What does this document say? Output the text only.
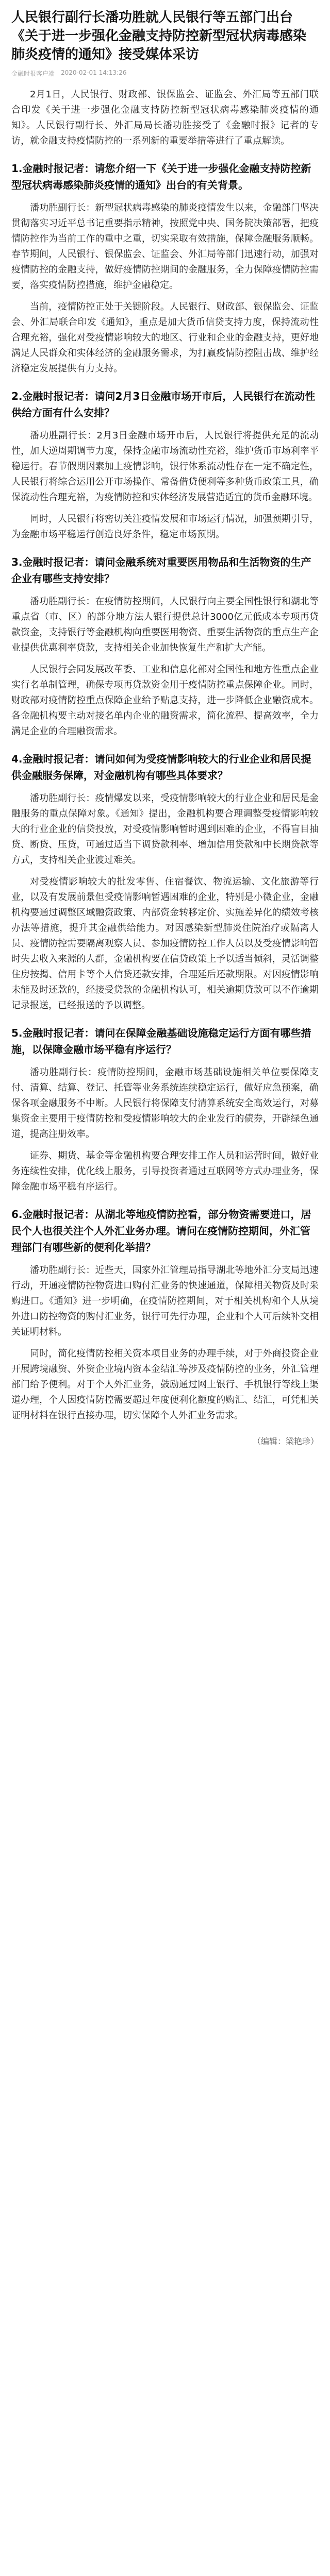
人民银行副行长潘功胜就人民银行等五部门出台《关于进一步强化金融支持防控新型冠状病毒感染肺炎疫情的通知》接受媒体采访
金融时报客户端 2020-02-01 14:13:26

2月1日，人民银行、财政部、银保监会、证监会、外汇局等五部门联合印发《关于进一步强化金融支持防控新型冠状病毒感染肺炎疫情的通知》。人民银行副行长、外汇局局长潘功胜接受了《金融时报》记者的专访，就金融支持疫情防控的一系列新的重要举措等进行了重点解读。

1.金融时报记者：请您介绍一下《关于进一步强化金融支持防控新型冠状病毒感染肺炎疫情的通知》出台的有关背景。

潘功胜副行长：新型冠状病毒感染的肺炎疫情发生以来，金融部门坚决贯彻落实习近平总书记重要指示精神，按照党中央、国务院决策部署，把疫情防控作为当前工作的重中之重，切实采取有效措施，保障金融服务顺畅。春节期间，人民银行、银保监会、证监会、外汇局等部门迅速行动，加强对疫情防控的金融支持，做好疫情防控期间的金融服务，全力保障疫情防控需要，落实疫情防控措施，维护金融稳定。

当前，疫情防控正处于关键阶段。人民银行、财政部、银保监会、证监会、外汇局联合印发《通知》，重点是加大货币信贷支持力度，保持流动性合理充裕，强化对受疫情影响较大的地区、行业和企业的金融支持，更好地满足人民群众和实体经济的金融服务需求，为打赢疫情防控阻击战、维护经济稳定发展提供有力支持。

2.金融时报记者：请问2月3日金融市场开市后，人民银行在流动性供给方面有什么安排？

潘功胜副行长：2月3日金融市场开市后，人民银行将提供充足的流动性，加大逆周期调节力度，保持金融市场流动性充裕，维护货币市场利率平稳运行。春节假期因素加上疫情影响，银行体系流动性存在一定不确定性，人民银行将综合运用公开市场操作、常备借贷便利等多种货币政策工具，确保流动性合理充裕，为疫情防控和实体经济发展营造适宜的货币金融环境。

同时，人民银行将密切关注疫情发展和市场运行情况，加强预期引导，为金融市场平稳运行创造良好条件，稳定市场预期。

3.金融时报记者：请问金融系统对重要医用物品和生活物资的生产企业有哪些支持安排？

潘功胜副行长：在疫情防控期间，人民银行向主要全国性银行和湖北等重点省（市、区）的部分地方法人银行提供总计3000亿元低成本专项再贷款资金，支持银行等金融机构向重要医用物资、重要生活物资的重点生产企业提供优惠利率贷款，支持相关企业加快恢复生产和扩大产能。

人民银行会同发展改革委、工业和信息化部对全国性和地方性重点企业实行名单制管理，确保专项再贷款资金用于疫情防控重点保障企业。同时，财政部对疫情防控重点保障企业给予贴息支持，进一步降低企业融资成本。各金融机构要主动对接名单内企业的融资需求，简化流程、提高效率，全力满足企业的合理融资需求。

4.金融时报记者：请问如何为受疫情影响较大的行业企业和居民提供金融服务保障，对金融机构有哪些具体要求？

潘功胜副行长：疫情爆发以来，受疫情影响较大的行业企业和居民是金融服务的重点保障对象。《通知》提出，金融机构要合理调整受疫情影响较大的行业企业的信贷投放，对受疫情影响暂时遇到困难的企业，不得盲目抽贷、断贷、压贷，可通过适当下调贷款利率、增加信用贷款和中长期贷款等方式，支持相关企业渡过难关。

对受疫情影响较大的批发零售、住宿餐饮、物流运输、文化旅游等行业，以及有发展前景但受疫情影响暂遇困难的企业，特别是小微企业，金融机构要通过调整区域融资政策、内部资金转移定价、实施差异化的绩效考核办法等措施，提升其金融供给能力。对因感染新型肺炎住院治疗或隔离人员、疫情防控需要隔离观察人员、参加疫情防控工作人员以及受疫情影响暂时失去收入来源的人群，金融机构要在信贷政策上予以适当倾斜，灵活调整住房按揭、信用卡等个人信贷还款安排，合理延后还款期限。对因疫情影响未能及时还款的，经接受贷款的金融机构认可，相关逾期贷款可以不作逾期记录报送，已经报送的予以调整。

5.金融时报记者：请问在保障金融基础设施稳定运行方面有哪些措施，以保障金融市场平稳有序运行？

潘功胜副行长：疫情防控期间，金融市场基础设施相关单位要保障支付、清算、结算、登记、托管等业务系统连续稳定运行，做好应急预案，确保各项金融服务不中断。人民银行将保障支付清算系统安全高效运行，对募集资金主要用于疫情防控和受疫情影响较大的企业发行的债券，开辟绿色通道，提高注册效率。

证券、期货、基金等金融机构要合理安排工作人员和运营时间，做好业务连续性安排，优化线上服务，引导投资者通过互联网等方式办理业务，保障金融市场平稳有序运行。

6.金融时报记者：从湖北等地疫情防控看，部分物资需要进口，居民个人也很关注个人外汇业务办理。请问在疫情防控期间，外汇管理部门有哪些新的便利化举措？

潘功胜副行长：近些天，国家外汇管理局指导湖北等地外汇分支局迅速行动，开通疫情防控物资进口购付汇业务的快速通道，保障相关物资及时采购进口。《通知》进一步明确，在疫情防控期间，对于相关机构和个人从境外进口防控物资的购付汇业务，银行可先行办理，企业和个人可后续补交相关证明材料。

同时，简化疫情防控相关资本项目业务的办理手续，对于外商投资企业开展跨境融资、外资企业境内资本金结汇等涉及疫情防控的业务，外汇管理部门给予便利。对于个人外汇业务，鼓励通过网上银行、手机银行等线上渠道办理，个人因疫情防控需要超过年度便利化额度的购汇、结汇，可凭相关证明材料在银行直接办理，切实保障个人外汇业务需求。

（编辑：梁艳珍）
